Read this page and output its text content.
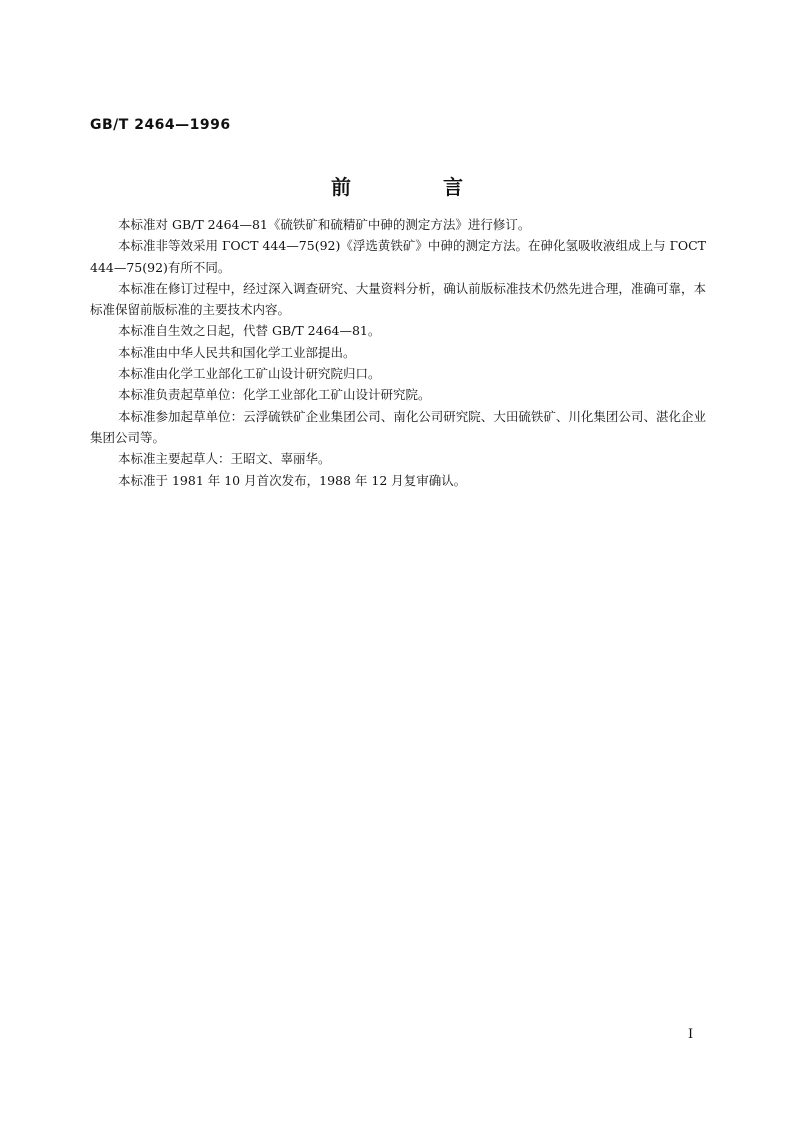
GB/T 2464—1996
前　言

本标准对 GB/T 2464—81《硫铁矿和硫精矿中砷的测定方法》进行修订。

本标准非等效采用 ГОСТ 444—75(92)《浮选黄铁矿》中砷的测定方法。在砷化氢吸收液组成上与 ГОСТ 444—75(92)有所不同。

本标准在修订过程中，经过深入调查研究、大量资料分析，确认前版标准技术仍然先进合理，准确可靠，本标准保留前版标准的主要技术内容。

本标准自生效之日起，代替 GB/T 2464—81。

本标准由中华人民共和国化学工业部提出。

本标准由化学工业部化工矿山设计研究院归口。

本标准负责起草单位：化学工业部化工矿山设计研究院。

本标准参加起草单位：云浮硫铁矿企业集团公司、南化公司研究院、大田硫铁矿、川化集团公司、湛化企业集团公司等。

本标准主要起草人：王昭文、辜丽华。

本标准于 1981 年 10 月首次发布，1988 年 12 月复审确认。

I
